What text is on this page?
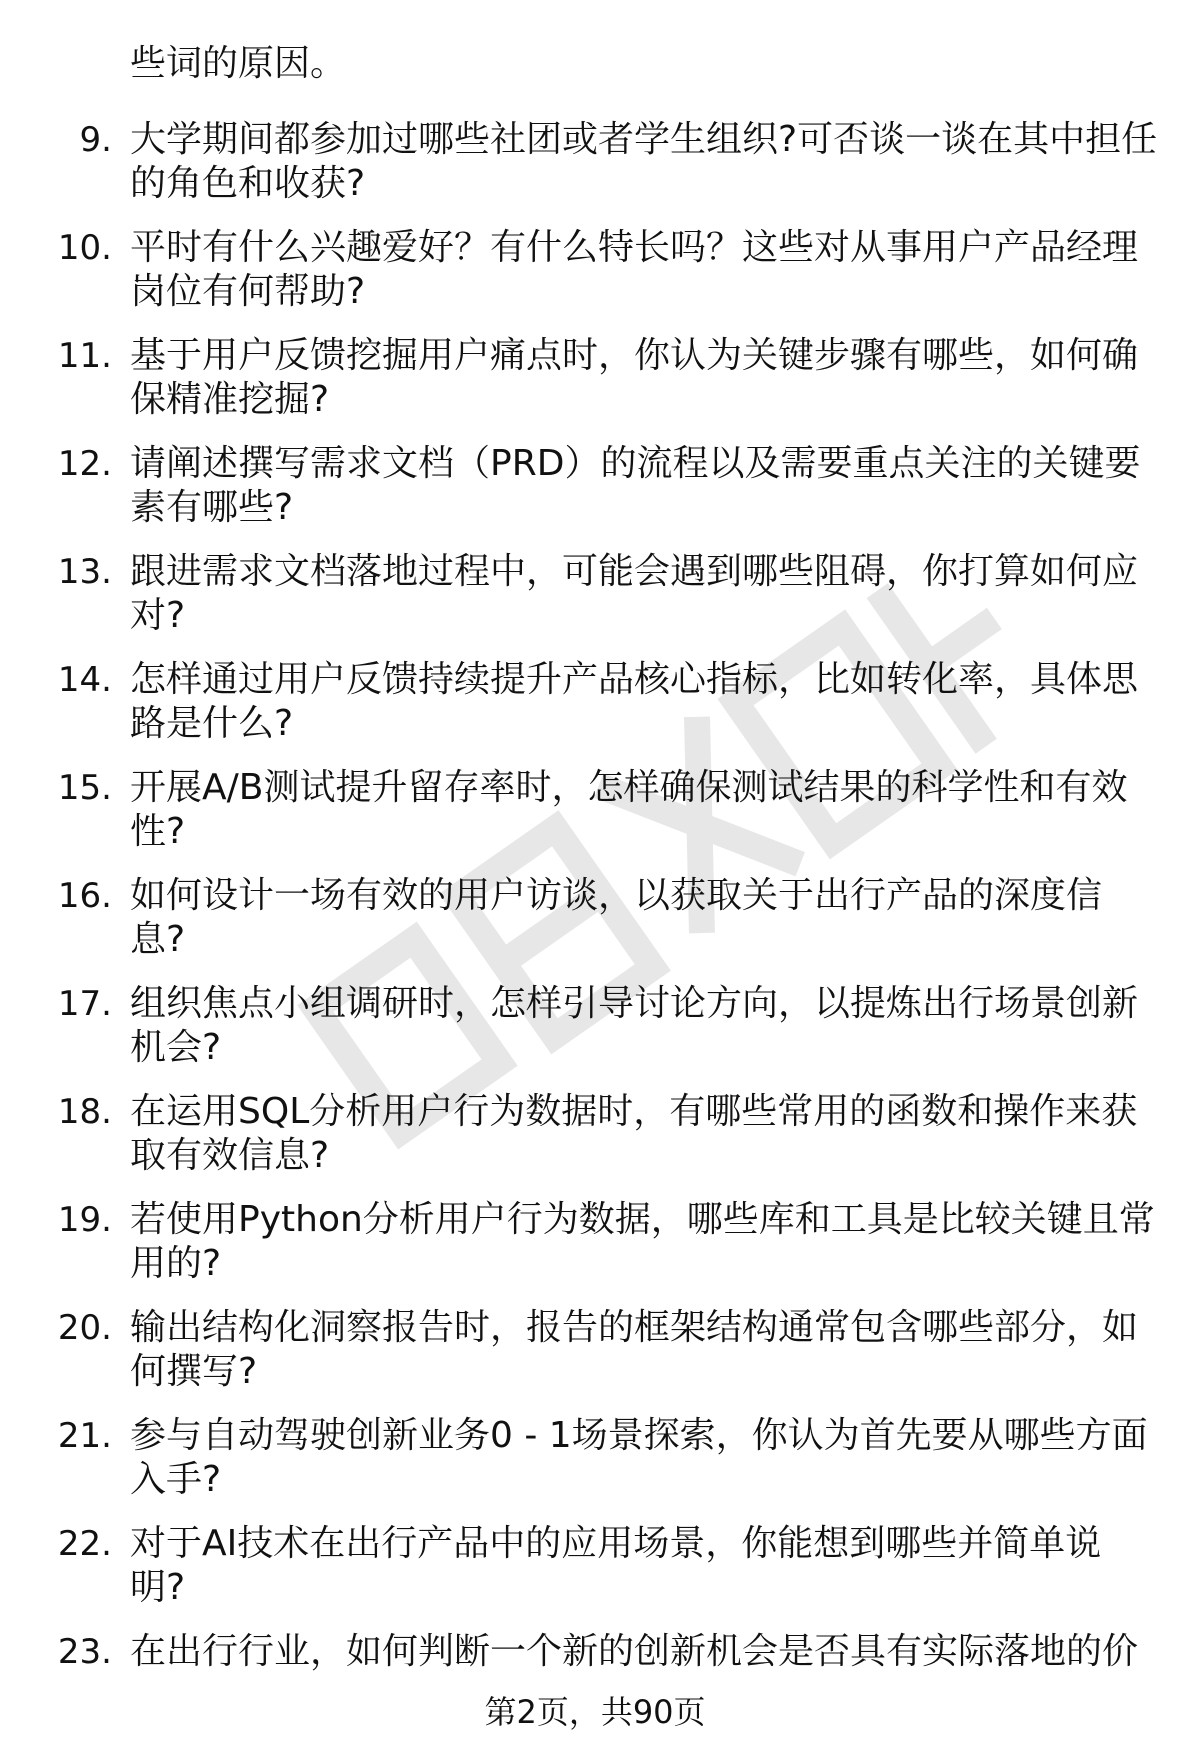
些词的原因。
9. 大学期间都参加过哪些社团或者学生组织?可否谈一谈在其中担任
的角色和收获?
10. 平时有什么兴趣爱好？有什么特长吗？这些对从事用户产品经理
岗位有何帮助?
11. 基于用户反馈挖掘用户痛点时，你认为关键步骤有哪些，如何确
保精准挖掘?
12. 请阐述撰写需求文档（PRD）的流程以及需要重点关注的关键要
素有哪些?
13. 跟进需求文档落地过程中，可能会遇到哪些阻碍，你打算如何应
对?
14. 怎样通过用户反馈持续提升产品核心指标，比如转化率，具体思
路是什么?
15. 开展A/B测试提升留存率时，怎样确保测试结果的科学性和有效
性?
16. 如何设计一场有效的用户访谈，以获取关于出行产品的深度信
息?
17. 组织焦点小组调研时，怎样引导讨论方向，以提炼出行场景创新
机会?
18. 在运用SQL分析用户行为数据时，有哪些常用的函数和操作来获
取有效信息?
19. 若使用Python分析用户行为数据，哪些库和工具是比较关键且常
用的?
20. 输出结构化洞察报告时，报告的框架结构通常包含哪些部分，如
何撰写?
21. 参与自动驾驶创新业务0 - 1场景探索，你认为首先要从哪些方面
入手?
22. 对于AI技术在出行产品中的应用场景，你能想到哪些并简单说
明?
23. 在出行行业，如何判断一个新的创新机会是否具有实际落地的价
第2页，共90页
